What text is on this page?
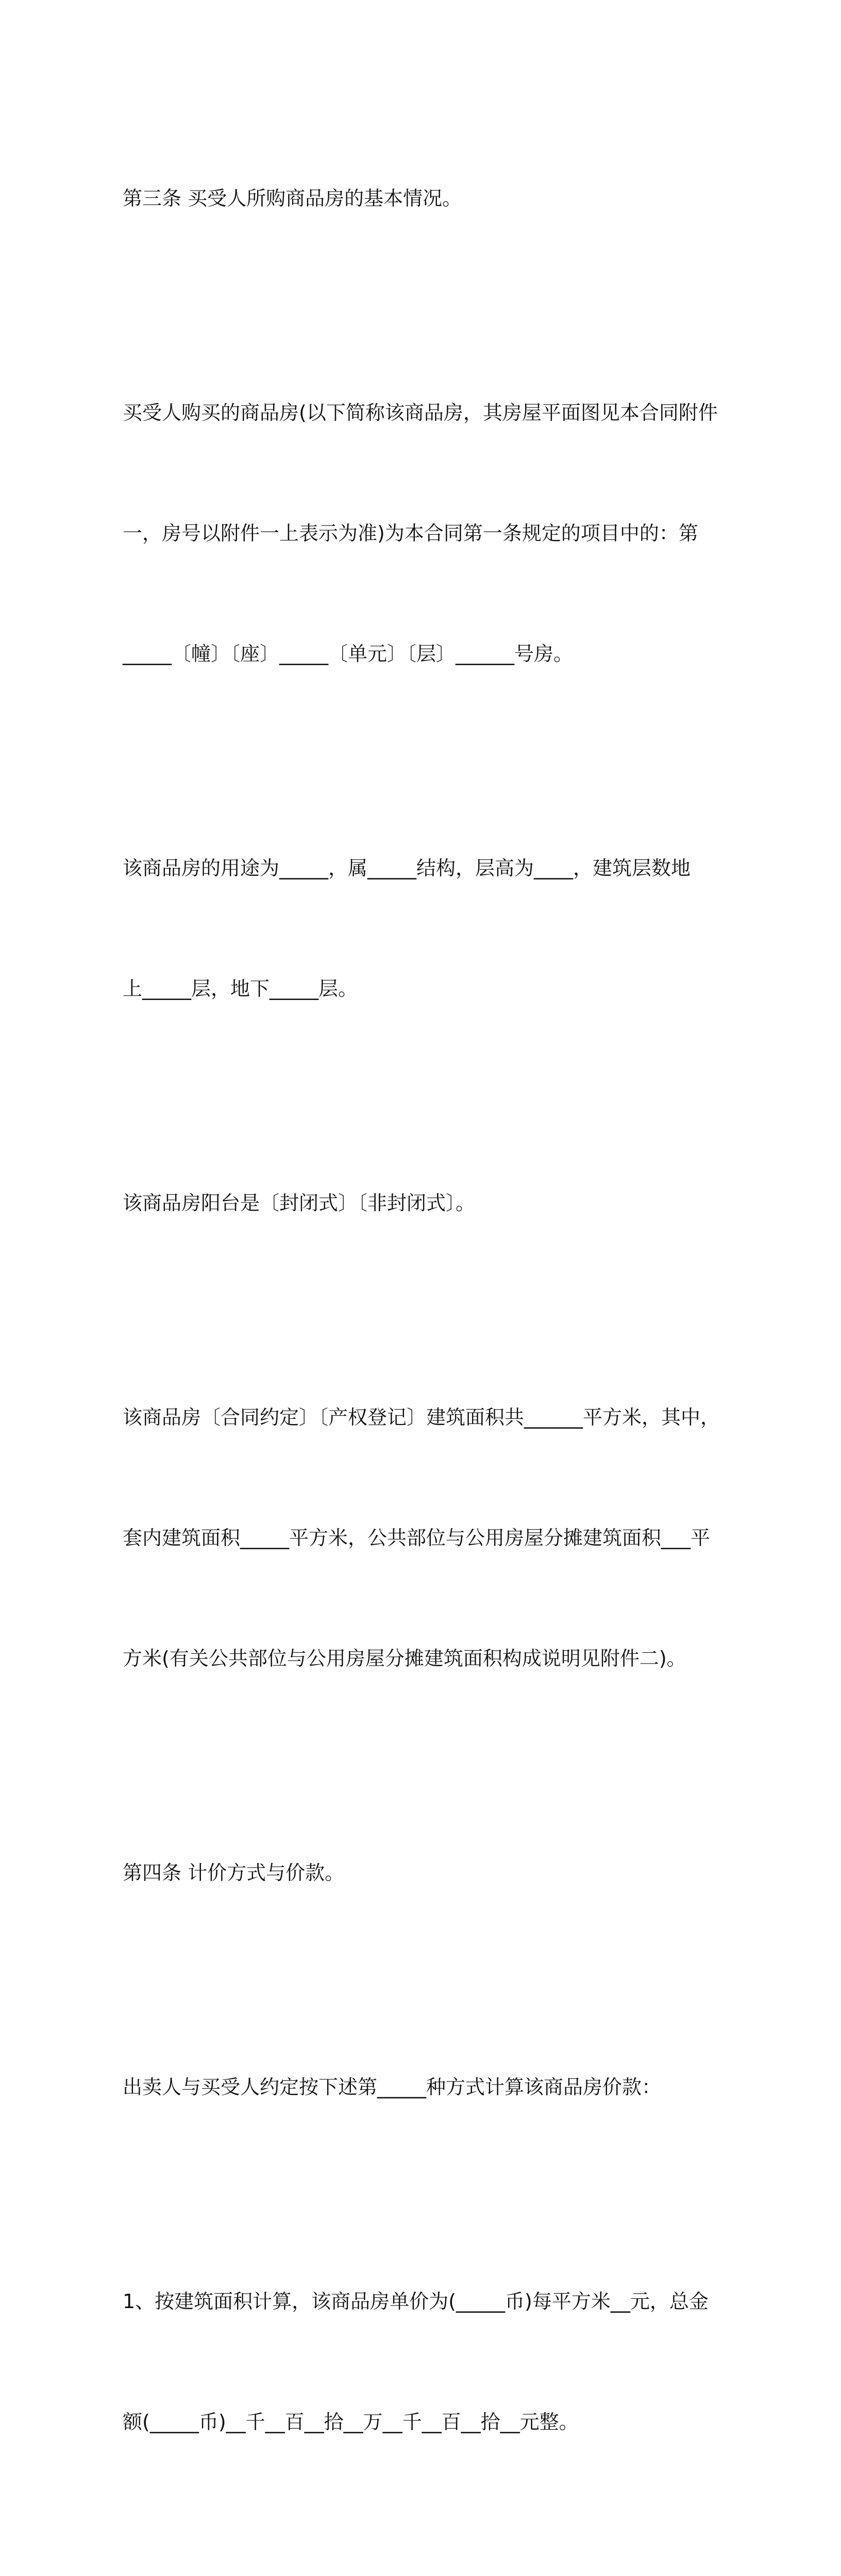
第三条 买受人所购商品房的基本情况。

买受人购买的商品房(以下简称该商品房，其房屋平面图见本合同附件

一，房号以附件一上表示为准)为本合同第一条规定的项目中的：第

_____〔幢〕〔座〕_____〔单元〕〔层〕______号房。

该商品房的用途为_____，属_____结构，层高为____，建筑层数地

上_____层，地下_____层。

该商品房阳台是〔封闭式〕〔非封闭式〕。

该商品房〔合同约定〕〔产权登记〕建筑面积共______平方米，其中，

套内建筑面积_____平方米，公共部位与公用房屋分摊建筑面积___平

方米(有关公共部位与公用房屋分摊建筑面积构成说明见附件二)。

第四条 计价方式与价款。

出卖人与买受人约定按下述第_____种方式计算该商品房价款：

1、按建筑面积计算，该商品房单价为(_____币)每平方米__元，总金

额(_____币)__千__百__拾__万__千__百__拾__元整。
